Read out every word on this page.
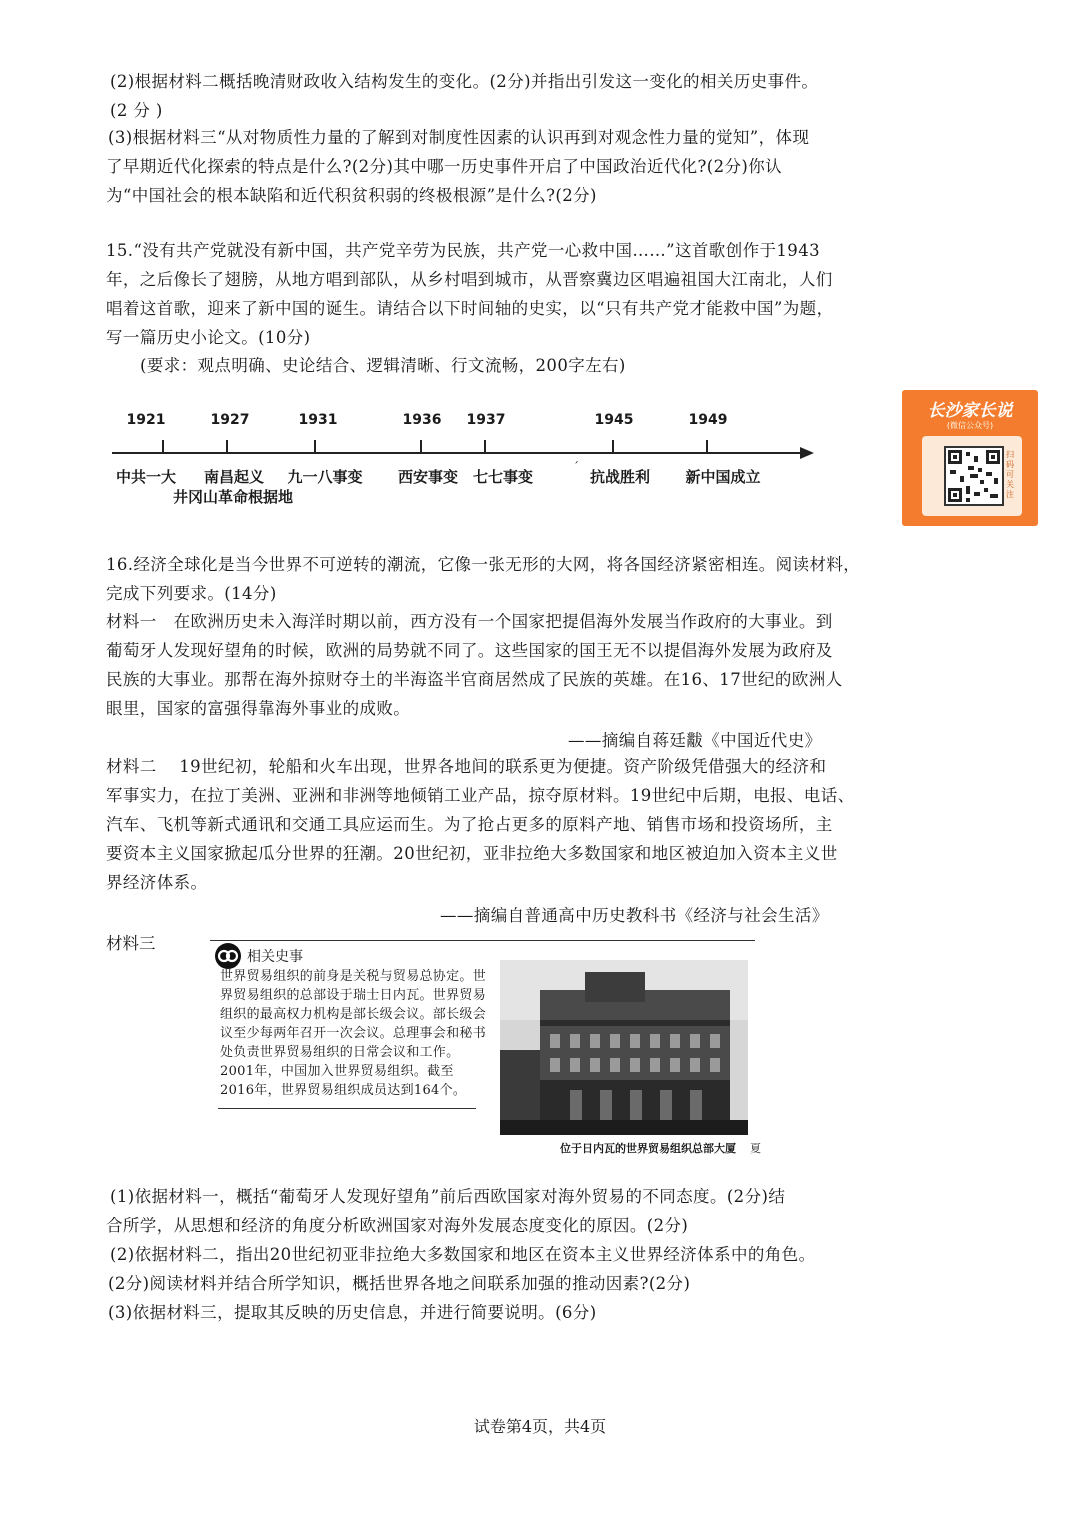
(2)根据材料二概括晚清财政收入结构发生的变化。(2分)并指出引发这一变化的相关历史事件。

(2 分 )

(3)根据材料三“从对物质性力量的了解到对制度性因素的认识再到对观念性力量的觉知”，体现

了早期近代化探索的特点是什么?(2分)其中哪一历史事件开启了中国政治近代化?(2分)你认

为“中国社会的根本缺陷和近代积贫积弱的终极根源”是什么?(2分)

15.“没有共产党就没有新中国，共产党辛劳为民族，共产党一心救中国……”这首歌创作于1943

年，之后像长了翅膀，从地方唱到部队，从乡村唱到城市，从晋察冀边区唱遍祖国大江南北，人们

唱着这首歌，迎来了新中国的诞生。请结合以下时间轴的史实，以“只有共产党才能救中国”为题，

写一篇历史小论文。(10分)

(要求：观点明确、史论结合、逻辑清晰、行文流畅，200字左右)

1921	1927	1931	1936 1937	1945	1949
中共一大 南昌起义 九一八事变 西安事变 七七事变	抗战胜利 新中国成立
井冈山革命根据地
ˊ
长沙家长说
(微信公众号)
扫码可关注

16.经济全球化是当今世界不可逆转的潮流，它像一张无形的大网，将各国经济紧密相连。阅读材料，

完成下列要求。(14分)

材料一　在欧洲历史未入海洋时期以前，西方没有一个国家把提倡海外发展当作政府的大事业。到

葡萄牙人发现好望角的时候，欧洲的局势就不同了。这些国家的国王无不以提倡海外发展为政府及

民族的大事业。那帮在海外掠财夺土的半海盗半官商居然成了民族的英雄。在16、17世纪的欧洲人

眼里，国家的富强得靠海外事业的成败。

——摘编自蒋廷黻《中国近代史》

材料二　 19世纪初，轮船和火车出现，世界各地间的联系更为便捷。资产阶级凭借强大的经济和

军事实力，在拉丁美洲、亚洲和非洲等地倾销工业产品，掠夺原材料。19世纪中后期，电报、电话、

汽车、飞机等新式通讯和交通工具应运而生。为了抢占更多的原料产地、销售市场和投资场所，主

要资本主义国家掀起瓜分世界的狂潮。20世纪初，亚非拉绝大多数国家和地区被迫加入资本主义世

界经济体系。

——摘编自普通高中历史教科书《经济与社会生活》
材料三
相关史事
世界贸易组织的前身是关税与贸易总协定。世界贸易组织的总部设于瑞士日内瓦。世界贸易组织的最高权力机构是部长级会议。部长级会议至少每两年召开一次会议。总理事会和秘书处负责世界贸易组织的日常会议和工作。2001年，中国加入世界贸易组织。截至2016年，世界贸易组织成员达到164个。
位于日内瓦的世界贸易组织总部大厦 夏

(1)依据材料一，概括“葡萄牙人发现好望角”前后西欧国家对海外贸易的不同态度。(2分)结

合所学，从思想和经济的角度分析欧洲国家对海外发展态度变化的原因。(2分)

(2)依据材料二，指出20世纪初亚非拉绝大多数国家和地区在资本主义世界经济体系中的角色。

(2分)阅读材料并结合所学知识，概括世界各地之间联系加强的推动因素?(2分)

(3)依据材料三，提取其反映的历史信息，并进行简要说明。(6分)

试卷第4页，共4页
